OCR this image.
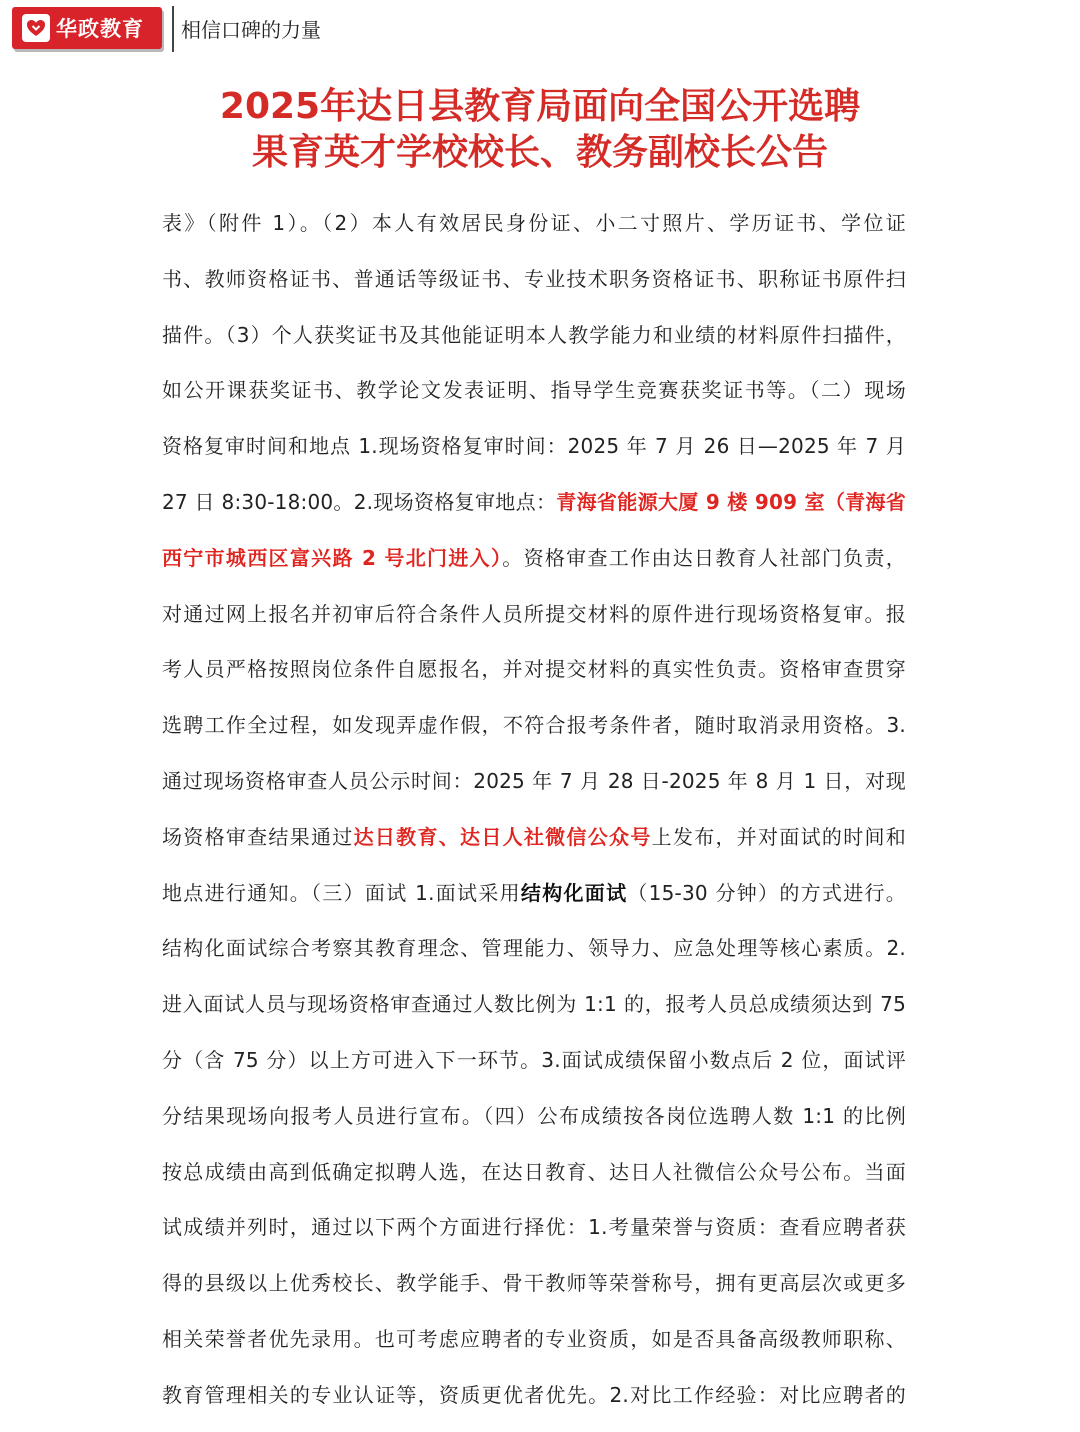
华政教育 相信口碑的力量
2025年达日县教育局面向全国公开选聘
果育英才学校校长、教务副校长公告
表》（附件 1）。（2）本人有效居民身份证、小二寸照片、学历证书、学位证
书、教师资格证书、普通话等级证书、专业技术职务资格证书、职称证书原件扫
描件。（3）个人获奖证书及其他能证明本人教学能力和业绩的材料原件扫描件，
如公开课获奖证书、教学论文发表证明、指导学生竞赛获奖证书等。（二）现场
资格复审时间和地点 1.现场资格复审时间：2025 年 7 月 26 日—2025 年 7 月
27 日 8:30-18:00。2.现场资格复审地点：青海省能源大厦 9 楼 909 室（青海省
西宁市城西区富兴路 2 号北门进入）。资格审查工作由达日教育人社部门负责，
对通过网上报名并初审后符合条件人员所提交材料的原件进行现场资格复审。报
考人员严格按照岗位条件自愿报名，并对提交材料的真实性负责。资格审查贯穿
选聘工作全过程，如发现弄虚作假，不符合报考条件者，随时取消录用资格。3.
通过现场资格审查人员公示时间：2025 年 7 月 28 日-2025 年 8 月 1 日，对现
场资格审查结果通过达日教育、达日人社微信公众号上发布，并对面试的时间和
地点进行通知。（三）面试 1.面试采用结构化面试（15-30 分钟）的方式进行。
结构化面试综合考察其教育理念、管理能力、领导力、应急处理等核心素质。2.
进入面试人员与现场资格审查通过人数比例为 1:1 的，报考人员总成绩须达到 75
分（含 75 分）以上方可进入下一环节。3.面试成绩保留小数点后 2 位，面试评
分结果现场向报考人员进行宣布。（四）公布成绩按各岗位选聘人数 1:1 的比例
按总成绩由高到低确定拟聘人选，在达日教育、达日人社微信公众号公布。当面
试成绩并列时，通过以下两个方面进行择优：1.考量荣誉与资质：查看应聘者获
得的县级以上优秀校长、教学能手、骨干教师等荣誉称号，拥有更高层次或更多
相关荣誉者优先录用。也可考虑应聘者的专业资质，如是否具备高级教师职称、
教育管理相关的专业认证等，资质更优者优先。2.对比工作经验：对比应聘者的
